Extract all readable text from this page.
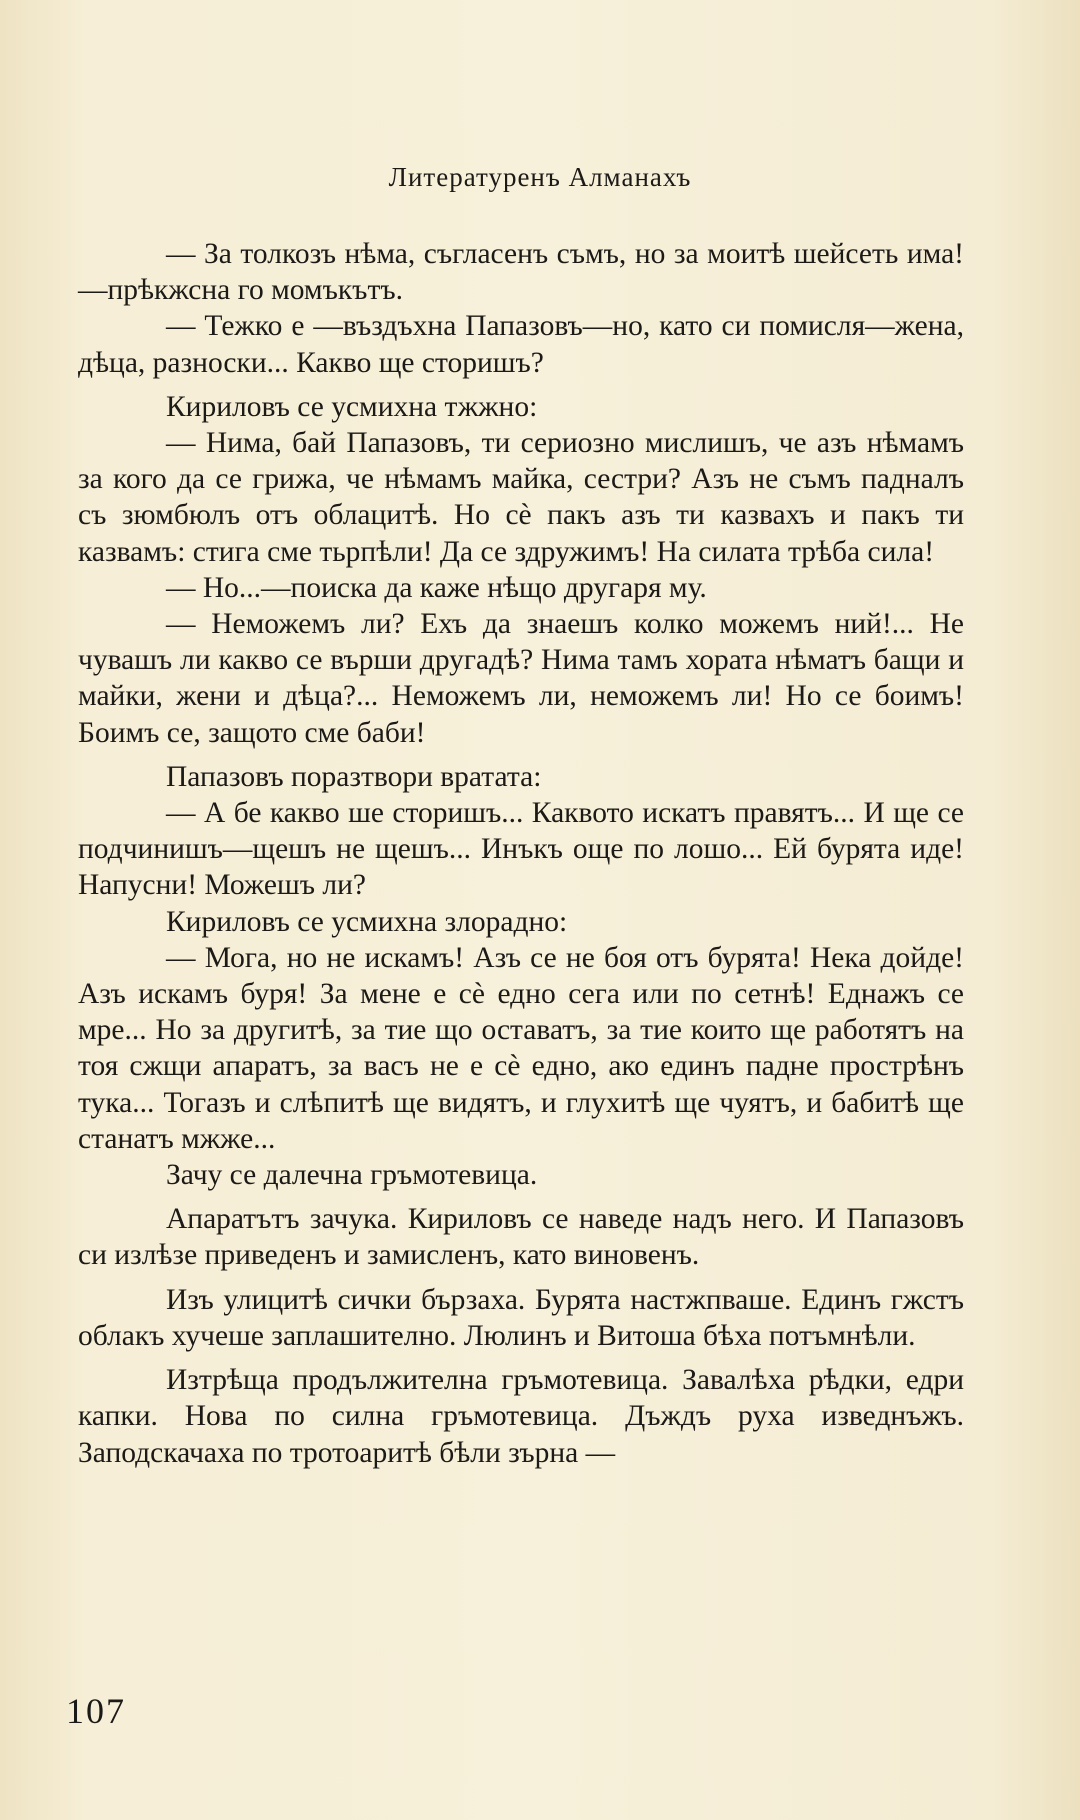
Литературенъ Алманахъ

— За толкозъ нѣма, съгласенъ съмъ, но за моитѣ шейсеть има! —прѣкжсна го момъкътъ.

— Тежко е —въздъхна Папазовъ—но, като си помисля—жена, дѣца, разноски... Какво ще сторишъ?

Кириловъ се усмихна тжжно:

— Нима, бай Папазовъ, ти сериозно мислишъ, че азъ нѣмамъ за кого да се грижа, че нѣмамъ майка, сестри? Азъ не съмъ падналъ съ зюмбюлъ отъ облацитѣ. Но сѐ пакъ азъ ти казвахъ и пакъ ти казвамъ: стига сме тьрпѣли! Да се здружимъ! На силата трѣба сила!

— Но...—поиска да каже нѣщо другаря му.

— Неможемъ ли? Ехъ да знаешъ колко можемъ ний!... Не чувашъ ли какво се върши другадѣ? Нима тамъ хората нѣматъ бащи и майки, жени и дѣца?... Неможемъ ли, неможемъ ли! Но се боимъ! Боимъ се, защото сме баби!

Папазовъ поразтвори вратата:

— А бе какво ше сторишъ... Каквото искатъ правятъ... И ще се подчинишъ—щешъ не щешъ... Инъкъ още по лошо... Ей бурята иде! Напусни! Можешъ ли?

Кириловъ се усмихна злорадно:

— Мога, но не искамъ! Азъ се не боя отъ бурята! Нека дойде! Азъ искамъ буря! За мене е сѐ едно сега или по сетнѣ! Еднажъ се мре... Но за другитѣ, за тие що оставатъ, за тие които ще работятъ на тоя сжщи апаратъ, за васъ не е сѐ едно, ако единъ падне прострѣнъ тука... Тогазъ и слѣпитѣ ще видятъ, и глухитѣ ще чуятъ, и бабитѣ ще станатъ мжже...

Зачу се далечна гръмотевица.

Апаратътъ зачука. Кириловъ се наведе надъ него. И Папазовъ си излѣзе приведенъ и замисленъ, като виновенъ.

Изъ улицитѣ сички бързаха. Бурята настжпваше. Единъ гжстъ облакъ хучеше заплашително. Люлинъ и Витоша бѣха потъмнѣли.

Изтрѣща продължителна гръмотевица. Завалѣха рѣдки, едри капки. Нова по силна гръмотевица. Дъждъ руха изведнъжъ. Заподскачаха по тротоаритѣ бѣли зърна —

107
